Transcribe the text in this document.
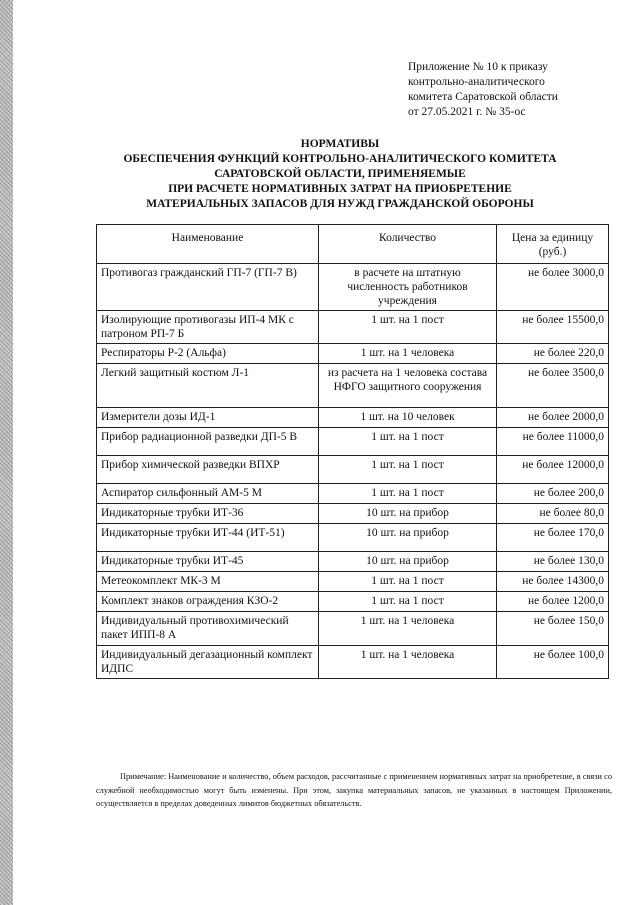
Приложение № 10 к приказу
контрольно-аналитического
комитета Саратовской области
от 27.05.2021 г. № 35-ос
НОРМАТИВЫ
ОБЕСПЕЧЕНИЯ ФУНКЦИЙ КОНТРОЛЬНО-АНАЛИТИЧЕСКОГО КОМИТЕТА
САРАТОВСКОЙ ОБЛАСТИ, ПРИМЕНЯЕМЫЕ
ПРИ РАСЧЕТЕ НОРМАТИВНЫХ ЗАТРАТ НА ПРИОБРЕТЕНИЕ
МАТЕРИАЛЬНЫХ ЗАПАСОВ ДЛЯ НУЖД ГРАЖДАНСКОЙ ОБОРОНЫ
Наименование	Количество	Цена за единицу (руб.)
Противогаз гражданский ГП-7 (ГП-7 В)	в расчете на штатную численность работников учреждения	не более 3000,0
Изолирующие противогазы ИП-4 МК с патроном РП-7 Б	1 шт. на 1 пост	не более 15500,0
Респираторы Р-2 (Альфа)	1 шт. на 1 человека	не более 220,0
Легкий защитный костюм Л-1	из расчета на 1 человека состава НФГО защитного сооружения	не более 3500,0
Измерители дозы ИД-1	1 шт. на 10 человек	не более 2000,0
Прибор радиационной разведки ДП-5 В	1 шт. на 1 пост	не более 11000,0
Прибор химической разведки ВПХР	1 шт. на 1 пост	не более 12000,0
Аспиратор сильфонный АМ-5 М	1 шт. на 1 пост	не более 200,0
Индикаторные трубки ИТ-36	10 шт. на прибор	не более 80,0
Индикаторные трубки ИТ-44 (ИТ-51)	10 шт. на прибор	не более 170,0
Индикаторные трубки ИТ-45	10 шт. на прибор	не более 130,0
Метеокомплект МК-3 М	1 шт. на 1 пост	не более 14300,0
Комплект знаков ограждения КЗО-2	1 шт. на 1 пост	не более 1200,0
Индивидуальный противохимический пакет ИПП-8 А	1 шт. на 1 человека	не более 150,0
Индивидуальный дегазационный комплект ИДПС	1 шт. на 1 человека	не более 100,0
Примечание: Наименование и количество, объем расходов, рассчитанные с применением нормативных затрат на приобретение, в связи со служебной необходимостью могут быть изменены. При этом, закупка материальных запасов, не указанных в настоящем Приложении, осуществляется в пределах доведенных лимитов бюджетных обязательств.
